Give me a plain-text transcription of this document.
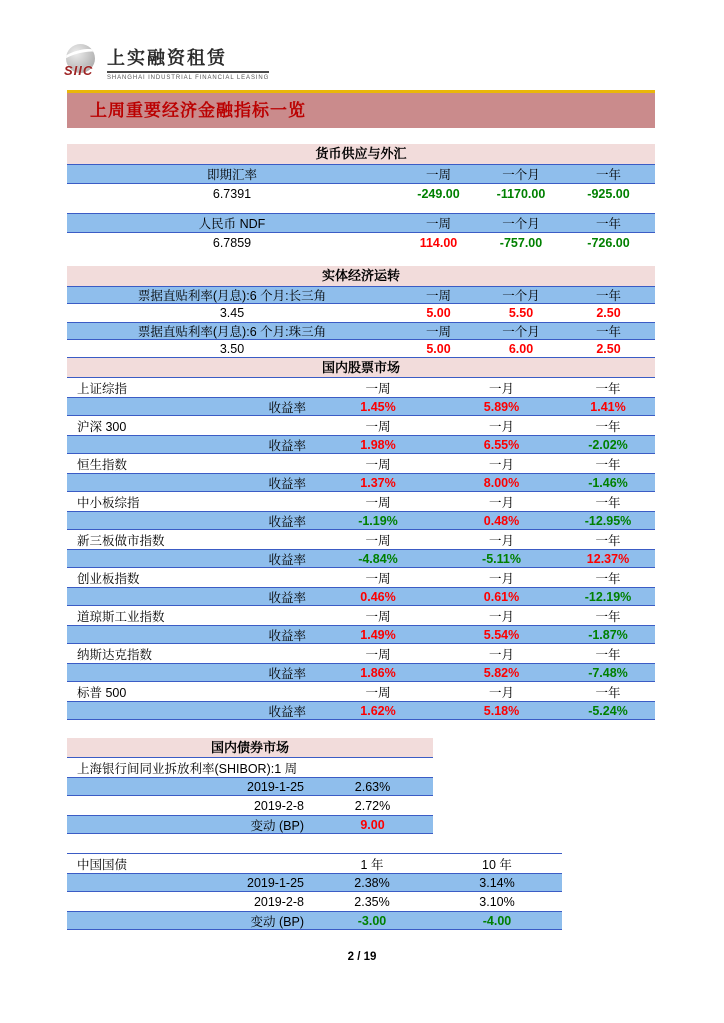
SIIC
上实融资租赁
SHANGHAI INDUSTRIAL FINANCIAL LEASING
上周重要经济金融指标一览
货币供应与外汇
即期汇率	一周	一个月	一年
6.7391	-249.00	-1170.00	-925.00
人民币 NDF	一周	一个月	一年
6.7859	114.00	-757.00	-726.00
实体经济运转
票据直贴利率(月息):6 个月:长三角	一周	一个月	一年
3.45	5.00	5.50	2.50
票据直贴利率(月息):6 个月:珠三角	一周	一个月	一年
3.50	5.00	6.00	2.50
国内股票市场
上证综指	一周	一月	一年
收益率	1.45%	5.89%	1.41%
沪深 300	一周	一月	一年
收益率	1.98%	6.55%	-2.02%
恒生指数	一周	一月	一年
收益率	1.37%	8.00%	-1.46%
中小板综指	一周	一月	一年
收益率	-1.19%	0.48%	-12.95%
新三板做市指数	一周	一月	一年
收益率	-4.84%	-5.11%	12.37%
创业板指数	一周	一月	一年
收益率	0.46%	0.61%	-12.19%
道琼斯工业指数	一周	一月	一年
收益率	1.49%	5.54%	-1.87%
纳斯达克指数	一周	一月	一年
收益率	1.86%	5.82%	-7.48%
标普 500	一周	一月	一年
收益率	1.62%	5.18%	-5.24%
国内债券市场
上海银行间同业拆放利率(SHIBOR):1 周
2019-1-25	2.63%
2019-2-8	2.72%
变动 (BP)	9.00
中国国债	1 年	10 年
2019-1-25	2.38%	3.14%
2019-2-8	2.35%	3.10%
变动 (BP)	-3.00	-4.00
2 / 19
